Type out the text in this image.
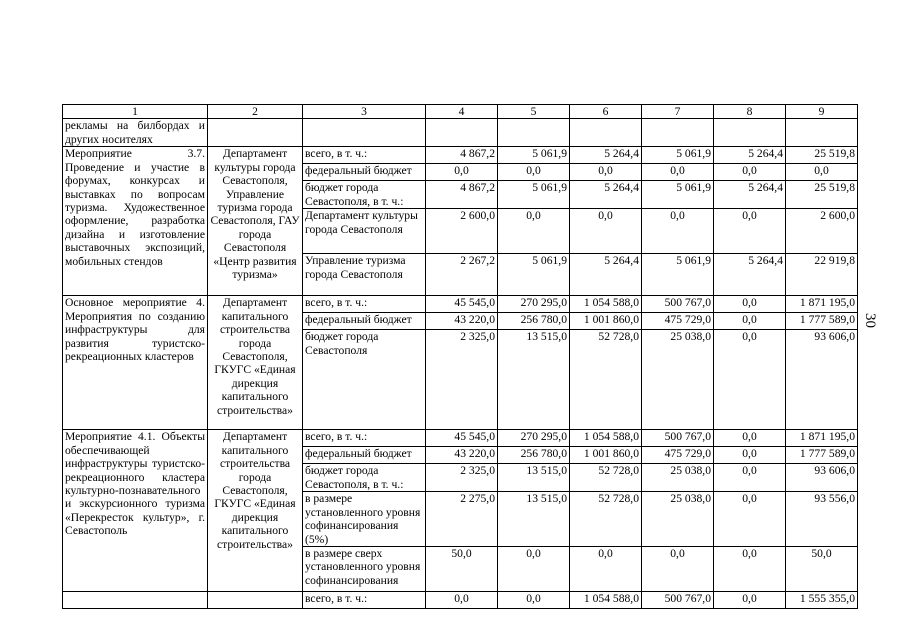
30
1	2	3	4	5	6	7	8	9
рекламы на билбордах и других носителях								
Мероприятие 3.7. Проведение и участие в форумах, конкурсах и выставках по вопросам туризма. Художественное оформление, разработка дизайна и изготовление выставочных экспозиций, мобильных стендов	Департамент культуры города Севастополя, Управление туризма города Севастополя, ГАУ города Севастополя «Центр развития туризма»	всего, в т. ч.:	4 867,2	5 061,9	5 264,4	5 061,9	5 264,4	25 519,8
		федеральный бюджет	0,0	0,0	0,0	0,0	0,0	0,0
		бюджет города Севастополя, в т. ч.:	4 867,2	5 061,9	5 264,4	5 061,9	5 264,4	25 519,8
		Департамент культуры города Севастополя	2 600,0	0,0	0,0	0,0	0,0	2 600,0
		Управление туризма города Севастополя	2 267,2	5 061,9	5 264,4	5 061,9	5 264,4	22 919,8
Основное мероприятие 4. Мероприятия по созданию инфраструктуры для развития туристско-рекреационных кластеров	Департамент капитального строительства города Севастополя, ГКУГС «Единая дирекция капитального строительства»	всего, в т. ч.:	45 545,0	270 295,0	1 054 588,0	500 767,0	0,0	1 871 195,0
		федеральный бюджет	43 220,0	256 780,0	1 001 860,0	475 729,0	0,0	1 777 589,0
		бюджет города Севастополя	2 325,0	13 515,0	52 728,0	25 038,0	0,0	93 606,0
Мероприятие 4.1. Объекты обеспечивающей инфраструктуры туристско-рекреационного кластера культурно-познавательного и экскурсионного туризма «Перекресток культур», г. Севастополь	Департамент капитального строительства города Севастополя, ГКУГС «Единая дирекция капитального строительства»	всего, в т. ч.:	45 545,0	270 295,0	1 054 588,0	500 767,0	0,0	1 871 195,0
		федеральный бюджет	43 220,0	256 780,0	1 001 860,0	475 729,0	0,0	1 777 589,0
		бюджет города Севастополя, в т. ч.:	2 325,0	13 515,0	52 728,0	25 038,0	0,0	93 606,0
		в размере установленного уровня софинансирования (5%)	2 275,0	13 515,0	52 728,0	25 038,0	0,0	93 556,0
		в размере сверх установленного уровня софинансирования	50,0	0,0	0,0	0,0	0,0	50,0
		всего, в т. ч.:	0,0	0,0	1 054 588,0	500 767,0	0,0	1 555 355,0
